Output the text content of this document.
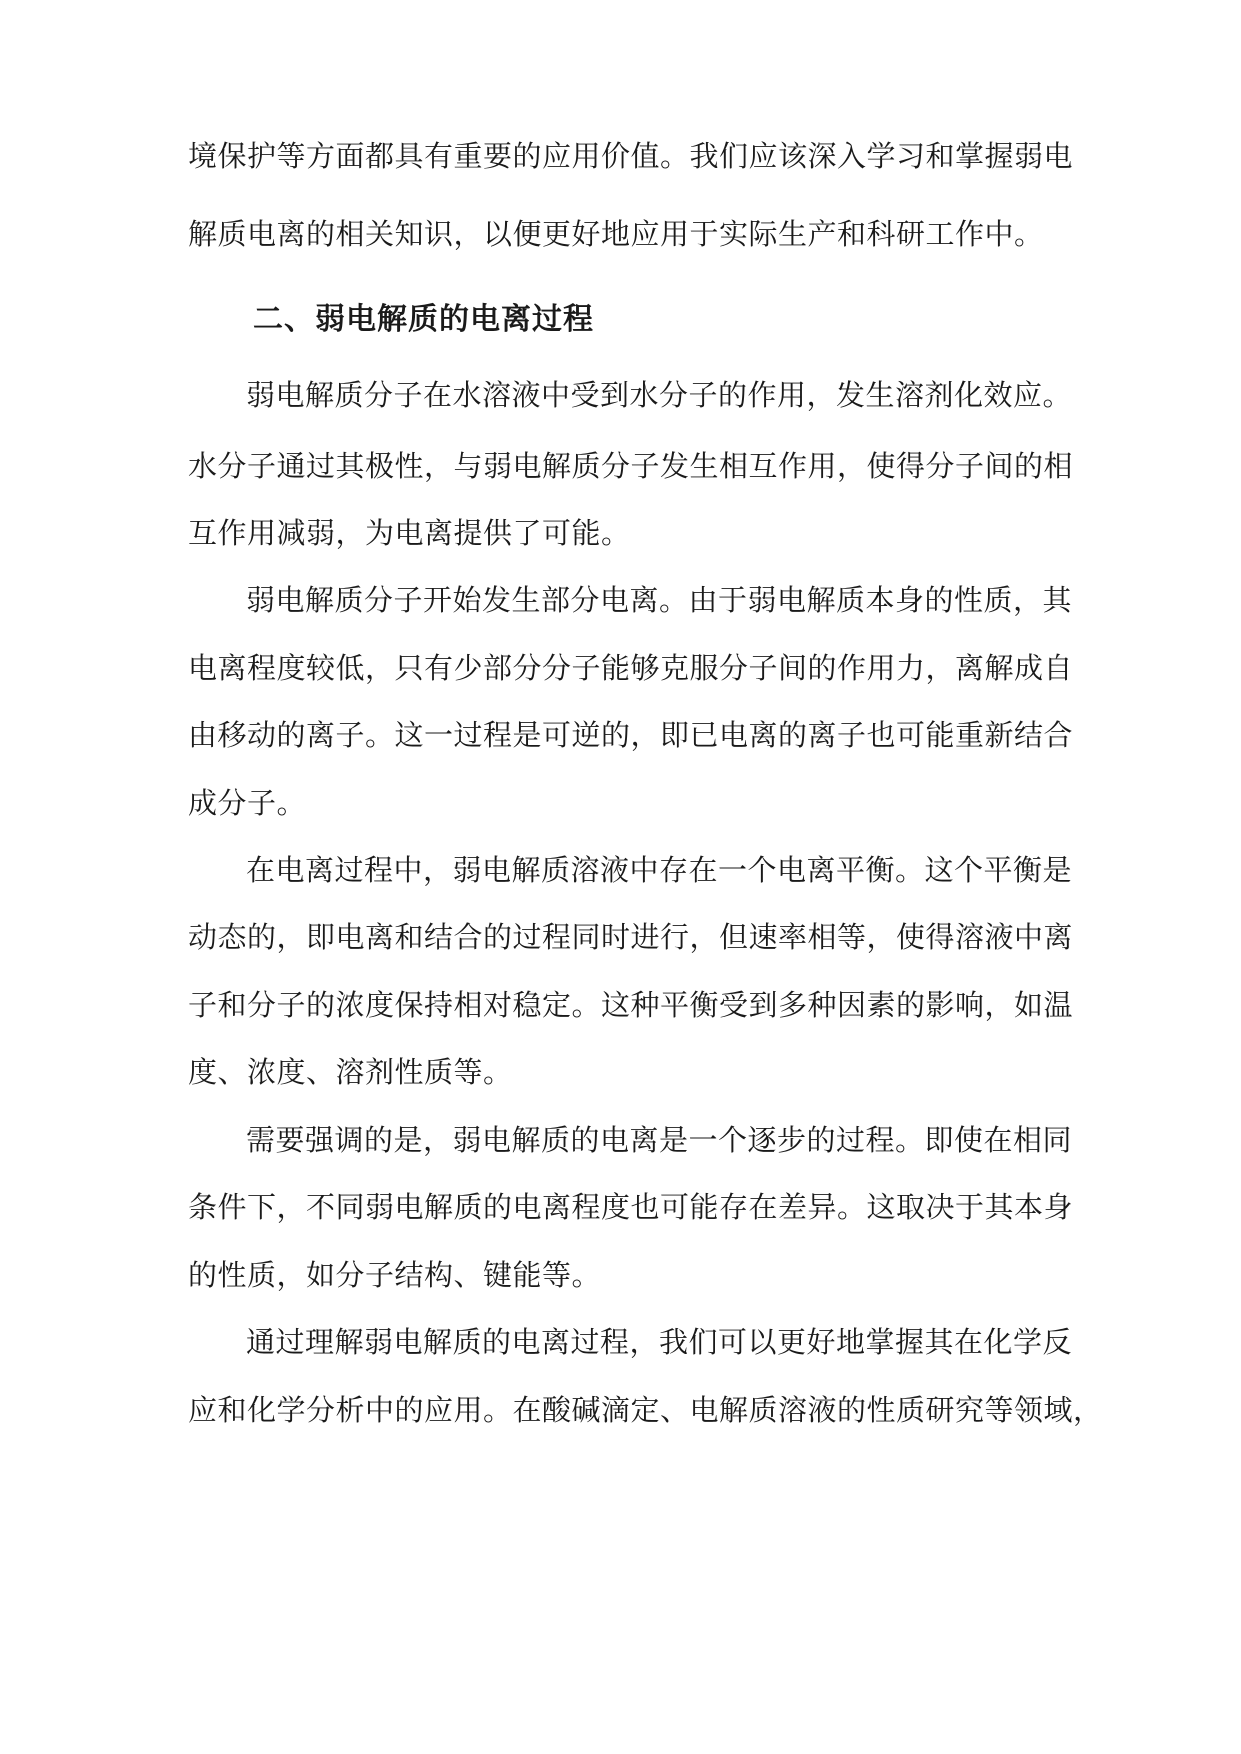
境保护等方面都具有重要的应用价值。我们应该深入学习和掌握弱电
解质电离的相关知识，以便更好地应用于实际生产和科研工作中。
二、弱电解质的电离过程
弱电解质分子在水溶液中受到水分子的作用，发生溶剂化效应。
水分子通过其极性，与弱电解质分子发生相互作用，使得分子间的相
互作用减弱，为电离提供了可能。
弱电解质分子开始发生部分电离。由于弱电解质本身的性质，其
电离程度较低，只有少部分分子能够克服分子间的作用力，离解成自
由移动的离子。这一过程是可逆的，即已电离的离子也可能重新结合
成分子。
在电离过程中，弱电解质溶液中存在一个电离平衡。这个平衡是
动态的，即电离和结合的过程同时进行，但速率相等，使得溶液中离
子和分子的浓度保持相对稳定。这种平衡受到多种因素的影响，如温
度、浓度、溶剂性质等。
需要强调的是，弱电解质的电离是一个逐步的过程。即使在相同
条件下，不同弱电解质的电离程度也可能存在差异。这取决于其本身
的性质，如分子结构、键能等。
通过理解弱电解质的电离过程，我们可以更好地掌握其在化学反
应和化学分析中的应用。在酸碱滴定、电解质溶液的性质研究等领域，
